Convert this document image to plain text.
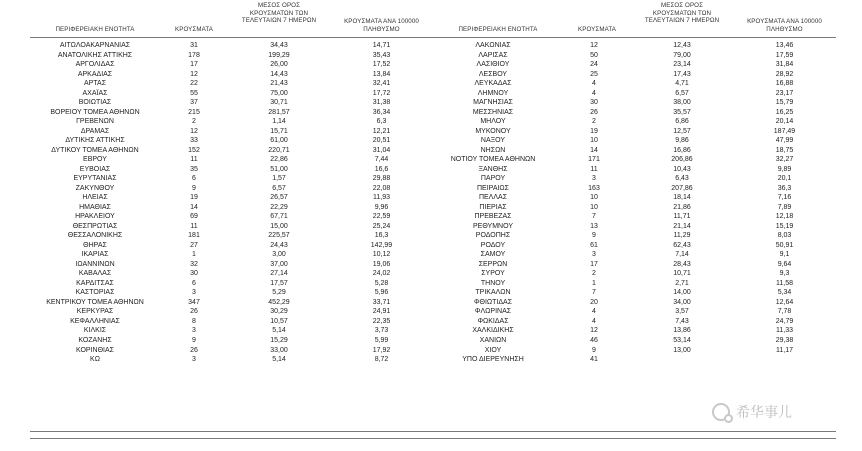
ΠΕΡΙΦΕΡΕΙΑΚΗ ΕΝΟΤΗΤΑ	ΚΡΟΥΣΜΑΤΑ
ΜΕΣΟΣ ΟΡΟΣ
ΚΡΟΥΣΜΑΤΩΝ ΤΩΝ
ΤΕΛΕΥΤΑΙΩΝ 7 ΗΜΕΡΩΝ	ΚΡΟΥΣΜΑΤΑ ΑΝΑ 100000
ΠΛΗΘΥΣΜΟ
ΑΙΤΩΛΟΑΚΑΡΝΑΝΙΑΣ	31	34,43	14,71
ΑΝΑΤΟΛΙΚΗΣ ΑΤΤΙΚΗΣ	178	199,29	35,43
ΑΡΓΟΛΙΔΑΣ	17	26,00	17,52
ΑΡΚΑΔΙΑΣ	12	14,43	13,84
ΑΡΤΑΣ	22	21,43	32,41
ΑΧΑΪΑΣ	55	75,00	17,72
ΒΟΙΩΤΙΑΣ	37	30,71	31,38
ΒΟΡΕΙΟΥ ΤΟΜΕΑ ΑΘΗΝΩΝ	215	281,57	36,34
ΓΡΕΒΕΝΩΝ	2	1,14	6,3
ΔΡΑΜΑΣ	12	15,71	12,21
ΔΥΤΙΚΗΣ ΑΤΤΙΚΗΣ	33	61,00	20,51
ΔΥΤΙΚΟΥ ΤΟΜΕΑ ΑΘΗΝΩΝ	152	220,71	31,04
ΕΒΡΟΥ	11	22,86	7,44
ΕΥΒΟΙΑΣ	35	51,00	16,6
ΕΥΡΥΤΑΝΙΑΣ	6	1,57	29,88
ΖΑΚΥΝΘΟΥ	9	6,57	22,08
ΗΛΕΙΑΣ	19	26,57	11,93
ΗΜΑΘΙΑΣ	14	22,29	9,96
ΗΡΑΚΛΕΙΟΥ	69	67,71	22,59
ΘΕΣΠΡΩΤΙΑΣ	11	15,00	25,24
ΘΕΣΣΑΛΟΝΙΚΗΣ	181	225,57	16,3
ΘΗΡΑΣ	27	24,43	142,99
ΙΚΑΡΙΑΣ	1	3,00	10,12
ΙΩΑΝΝΙΝΩΝ	32	37,00	19,06
ΚΑΒΑΛΑΣ	30	27,14	24,02
ΚΑΡΔΙΤΣΑΣ	6	17,57	5,28
ΚΑΣΤΟΡΙΑΣ	3	5,29	5,96
ΚΕΝΤΡΙΚΟΥ ΤΟΜΕΑ ΑΘΗΝΩΝ	347	452,29	33,71
ΚΕΡΚΥΡΑΣ	26	30,29	24,91
ΚΕΦΑΛΛΗΝΙΑΣ	8	10,57	22,35
ΚΙΛΚΙΣ	3	5,14	3,73
ΚΟΖΑΝΗΣ	9	15,29	5,99
ΚΟΡΙΝΘΙΑΣ	26	33,00	17,92
ΚΩ	3	5,14	8,72
ΠΕΡΙΦΕΡΕΙΑΚΗ ΕΝΟΤΗΤΑ	ΚΡΟΥΣΜΑΤΑ
ΜΕΣΟΣ ΟΡΟΣ
ΚΡΟΥΣΜΑΤΩΝ ΤΩΝ
ΤΕΛΕΥΤΑΙΩΝ 7 ΗΜΕΡΩΝ	ΚΡΟΥΣΜΑΤΑ ΑΝΑ 100000
ΠΛΗΘΥΣΜΟ
ΛΑΚΩΝΙΑΣ	12	12,43	13,46
ΛΑΡΙΣΑΣ	50	79,00	17,59
ΛΑΣΙΘΙΟΥ	24	23,14	31,84
ΛΕΣΒΟΥ	25	17,43	28,92
ΛΕΥΚΑΔΑΣ	4	4,71	16,88
ΛΗΜΝΟΥ	4	6,57	23,17
ΜΑΓΝΗΣΙΑΣ	30	38,00	15,79
ΜΕΣΣΗΝΙΑΣ	26	35,57	16,25
ΜΗΛΟΥ	2	6,86	20,14
ΜΥΚΟΝΟΥ	19	12,57	187,49
ΝΑΞΟΥ	10	9,86	47,99
ΝΗΣΩΝ	14	16,86	18,75
ΝΟΤΙΟΥ ΤΟΜΕΑ ΑΘΗΝΩΝ	171	206,86	32,27
ΞΑΝΘΗΣ	11	10,43	9,89
ΠΑΡΟΥ	3	6,43	20,1
ΠΕΙΡΑΙΩΣ	163	207,86	36,3
ΠΕΛΛΑΣ	10	18,14	7,16
ΠΙΕΡΙΑΣ	10	21,86	7,89
ΠΡΕΒΕΖΑΣ	7	11,71	12,18
ΡΕΘΥΜΝΟΥ	13	21,14	15,19
ΡΟΔΟΠΗΣ	9	11,29	8,03
ΡΟΔΟΥ	61	62,43	50,91
ΣΑΜΟΥ	3	7,14	9,1
ΣΕΡΡΩΝ	17	28,43	9,64
ΣΥΡΟΥ	2	10,71	9,3
ΤΗΝΟΥ	1	2,71	11,58
ΤΡΙΚΑΛΩΝ	7	14,00	5,34
ΦΘΙΩΤΙΔΑΣ	20	34,00	12,64
ΦΛΩΡΙΝΑΣ	4	3,57	7,78
ΦΩΚΙΔΑΣ	4	7,43	24,79
ΧΑΛΚΙΔΙΚΗΣ	12	13,86	11,33
ΧΑΝΙΩΝ	46	53,14	29,38
ΧΙΟΥ	9	13,00	11,17
ΥΠΟ ΔΙΕΡΕΥΝΗΣΗ	41
希华事儿
